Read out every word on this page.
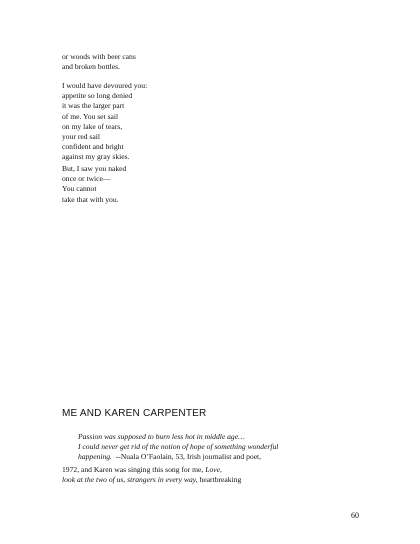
or woods with beer cans
and broken bottles.
I would have devoured you:
appetite so long denied
it was the larger part
of me. You set sail
on my lake of tears,
your red sail
confident and bright
against my gray skies.
But, I saw you naked
once or twice—
You cannot
take that with you.
ME AND KAREN CARPENTER
Passion was supposed to burn less hot in middle age…
I could never get rid of the notion of hope of something wonderful
happening.  --Nuala O’Faolain, 53, Irish journalist and poet,
1972, and Karen was singing this song for me, Love,
look at the two of us, strangers in every way, heartbreaking
60
